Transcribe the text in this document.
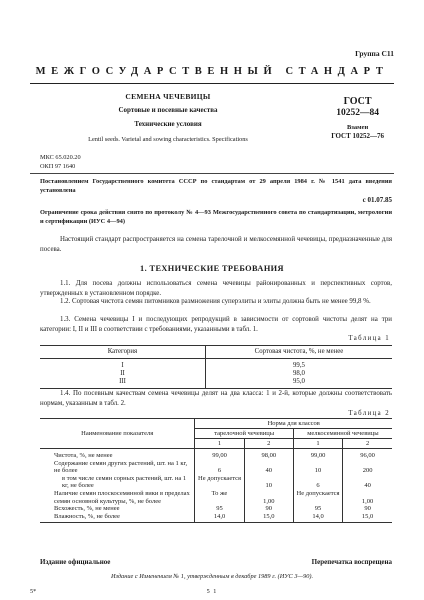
Группа С11
МЕЖГОСУДАРСТВЕННЫЙ СТАНДАРТ
СЕМЕНА ЧЕЧЕВИЦЫ
Сортовые и посевные качества
Технические условия
Lentil seeds. Varietal and sowing characteristics. Specifications
ГОСТ
10252—84
Взамен
ГОСТ 10252—76
МКС 65.020.20
ОКП 97 1640
Постановлением Государственного комитета СССР по стандартам от 29 апреля 1984 г. № 1541 дата введения установлена
с 01.07.85
Ограничение срока действия снято по протоколу № 4—93 Межгосударственного совета по стандартизации, метрологии и сертификации (ИУС 4—94)
Настоящий стандарт распространяется на семена тарелочной и мелкосемянной чечевицы, предназначенные для посева.
1. ТЕХНИЧЕСКИЕ ТРЕБОВАНИЯ
1.1. Для посева должны использоваться семена чечевицы районированных и перспективных сортов, утвержденных в установленном порядке.
1.2. Сортовая чистота семян питомников размножения суперэлиты и элиты должна быть не менее 99,8 %.
1.3. Семена чечевицы I и последующих репродукций в зависимости от сортовой чистоты делят на три категории: I, II и III в соответствии с требованиями, указанными в табл. 1.
Таблица 1
Категория	Сортовая чистота, %, не менее
I	99,5
II	98,0
III	95,0
1.4. По посевным качествам семена чечевицы делят на два класса: 1 и 2-й, которые должны соответствовать нормам, указанным в табл. 2.
Таблица 2
Наименование показателя	Норма для классов			
	тарелочной чечевицы		мелкосемянной чечевицы	
	1	2	1	2
Чистота, %, не менее	99,00	98,00	99,00	96,00
Содержание семян других растений, шт. на 1 кг, не более	6	40	10	200
в том числе семян сорных растений, шт. на 1 кг, не более	Не допускается	10	6	40
Наличие семян плоскосемянной вики в пределах семян основной культуры, %, не более	То же	1,00	Не допускается	1,00
Всхожесть, %, не менее	95	90	95	90
Влажность, %, не более	14,0	15,0	14,0	15,0
Издание официальное	Перепечатка воспрещена
Издание с Изменением № 1, утвержденным в декабре 1989 г. (ИУС 3—90).
5*	5 1
